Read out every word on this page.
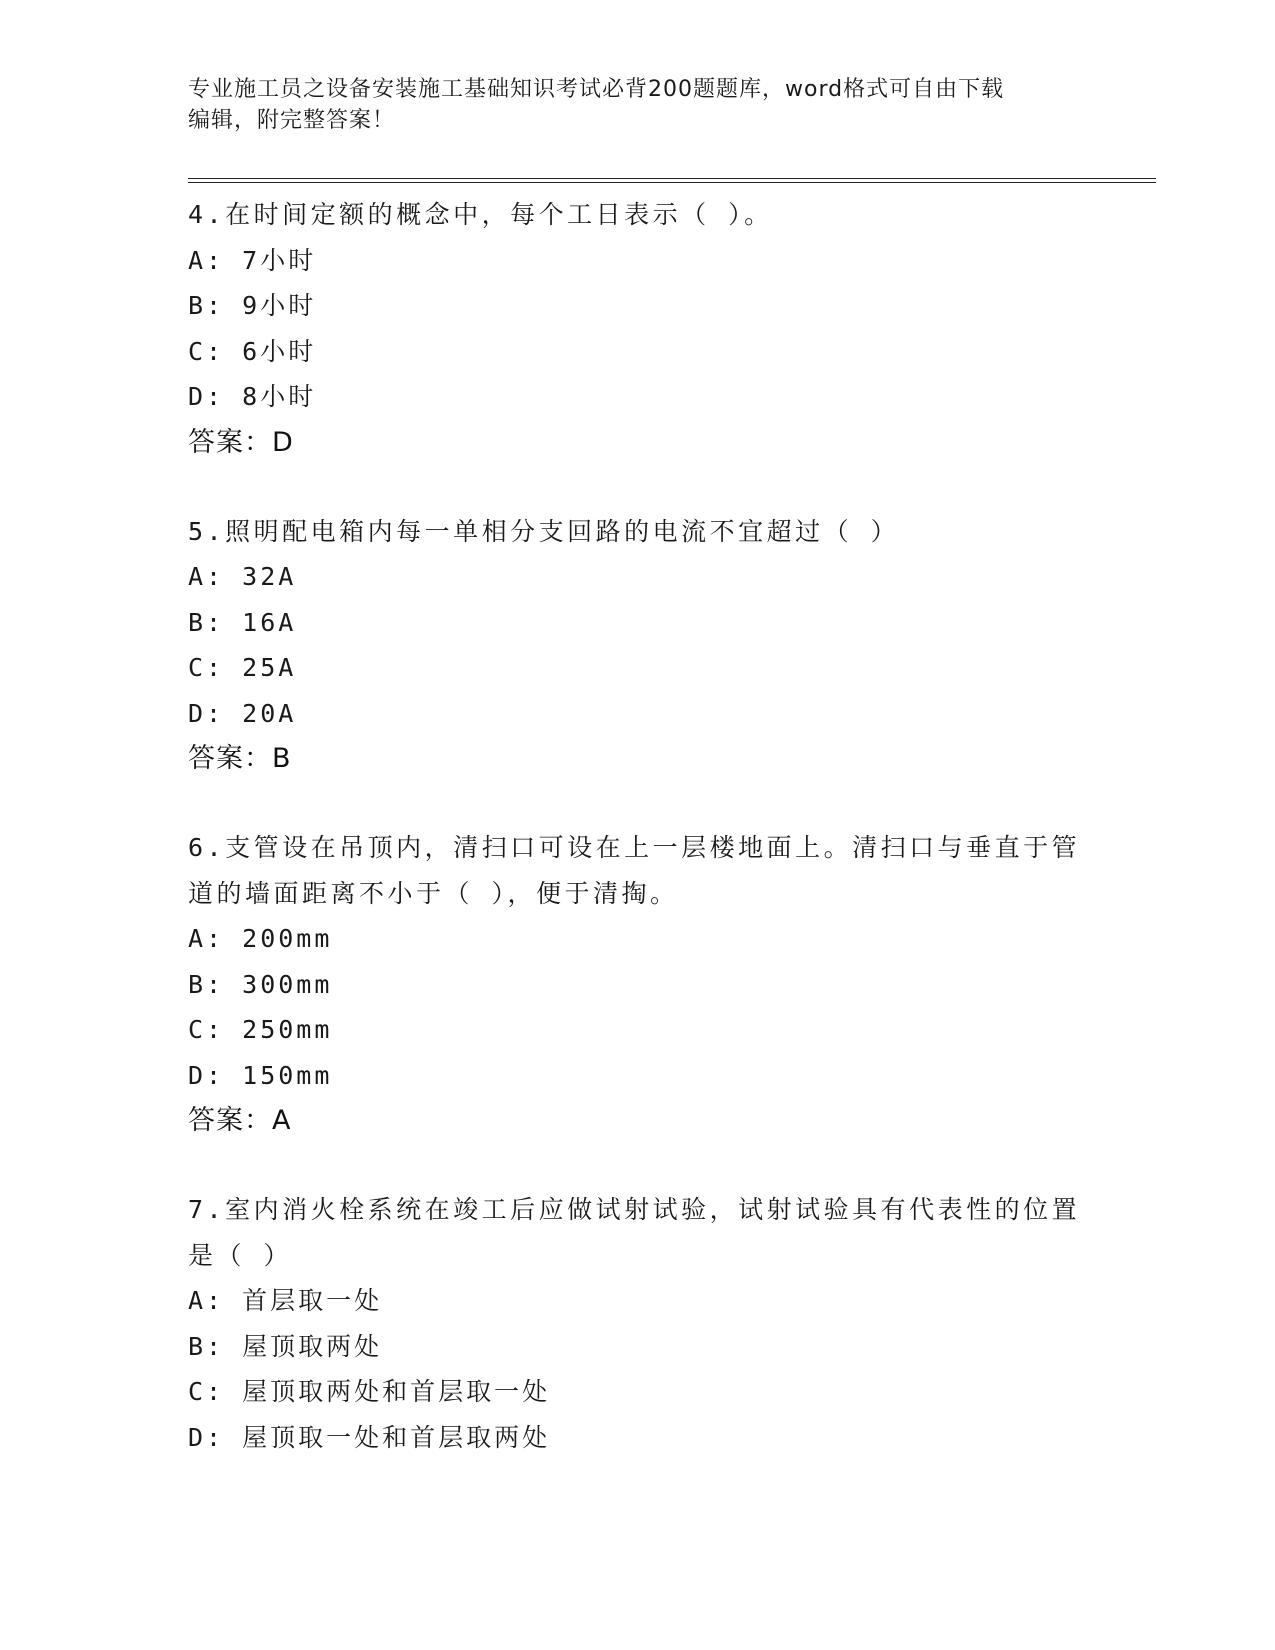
专业施工员之设备安装施工基础知识考试必背200题题库，word格式可自由下载
编辑，附完整答案！
4.在时间定额的概念中，每个工日表示（ ）。
A: 7小时
B: 9小时
C: 6小时
D: 8小时
答案：D
5.照明配电箱内每一单相分支回路的电流不宜超过（ ）
A: 32A
B: 16A
C: 25A
D: 20A
答案：B
6.支管设在吊顶内，清扫口可设在上一层楼地面上。清扫口与垂直于管道的墙面距离不小于（ ），便于清掏。
A: 200mm
B: 300mm
C: 250mm
D: 150mm
答案：A
7.室内消火栓系统在竣工后应做试射试验，试射试验具有代表性的位置是（ ）
A: 首层取一处
B: 屋顶取两处
C: 屋顶取两处和首层取一处
D: 屋顶取一处和首层取两处
